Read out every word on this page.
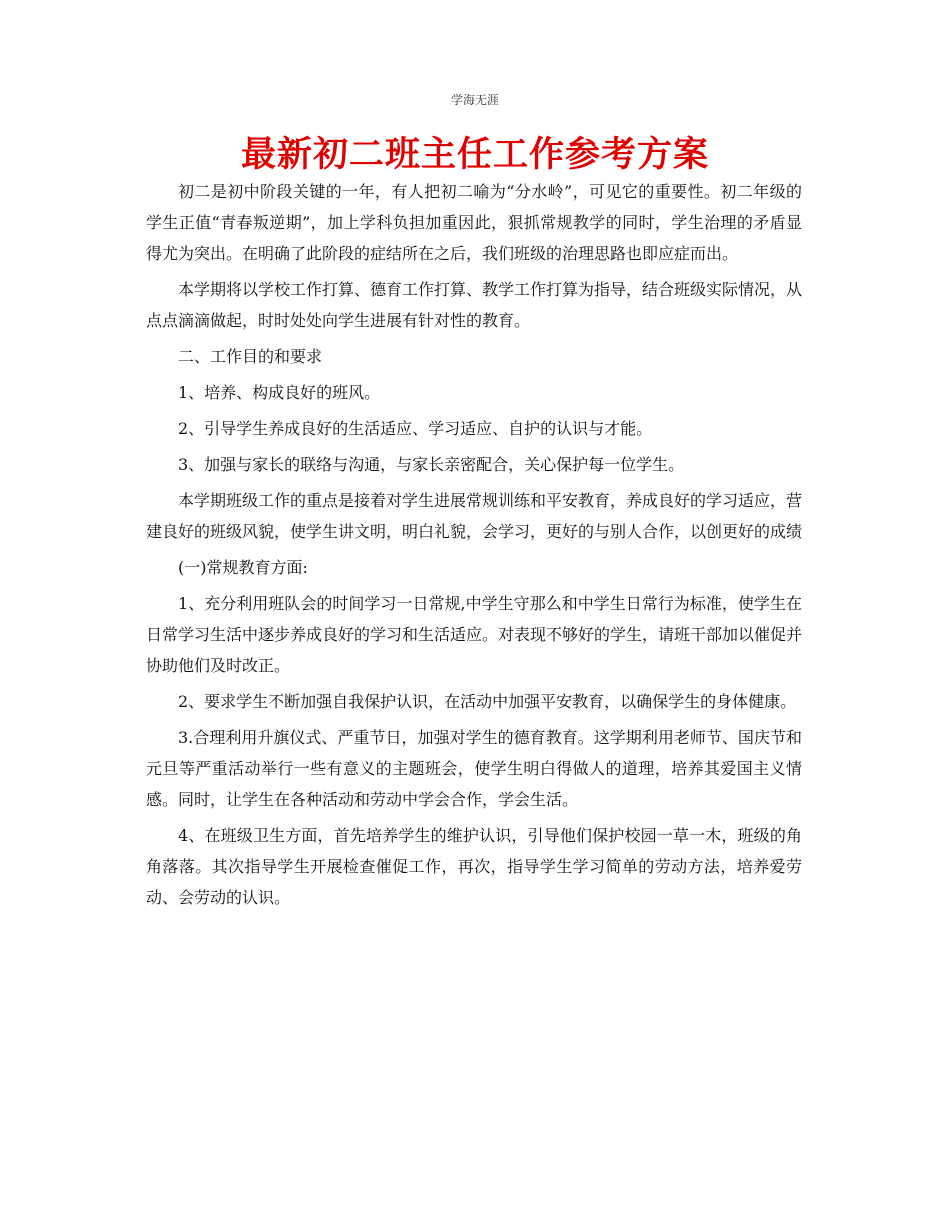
学海无涯
最新初二班主任工作参考方案

初二是初中阶段关键的一年，有人把初二喻为“分水岭”，可见它的重要性。初二年级的学生正值“青春叛逆期”，加上学科负担加重因此，狠抓常规教学的同时，学生治理的矛盾显得尤为突出。在明确了此阶段的症结所在之后，我们班级的治理思路也即应症而出。

本学期将以学校工作打算、德育工作打算、教学工作打算为指导，结合班级实际情况，从点点滴滴做起，时时处处向学生进展有针对性的教育。

二、工作目的和要求

1、培养、构成良好的班风。

2、引导学生养成良好的生活适应、学习适应、自护的认识与才能。

3、加强与家长的联络与沟通，与家长亲密配合，关心保护每一位学生。

本学期班级工作的重点是接着对学生进展常规训练和平安教育，养成良好的学习适应，营建良好的班级风貌，使学生讲文明，明白礼貌，会学习，更好的与别人合作，以创更好的成绩

(一)常规教育方面:

1、充分利用班队会的时间学习一日常规,中学生守那么和中学生日常行为标准，使学生在日常学习生活中逐步养成良好的学习和生活适应。对表现不够好的学生，请班干部加以催促并协助他们及时改正。

2、要求学生不断加强自我保护认识，在活动中加强平安教育，以确保学生的身体健康。

3.合理利用升旗仪式、严重节日，加强对学生的德育教育。这学期利用老师节、国庆节和元旦等严重活动举行一些有意义的主题班会，使学生明白得做人的道理，培养其爱国主义情感。同时，让学生在各种活动和劳动中学会合作，学会生活。

4、在班级卫生方面，首先培养学生的维护认识，引导他们保护校园一草一木，班级的角角落落。其次指导学生开展检查催促工作，再次，指导学生学习简单的劳动方法，培养爱劳动、会劳动的认识。
